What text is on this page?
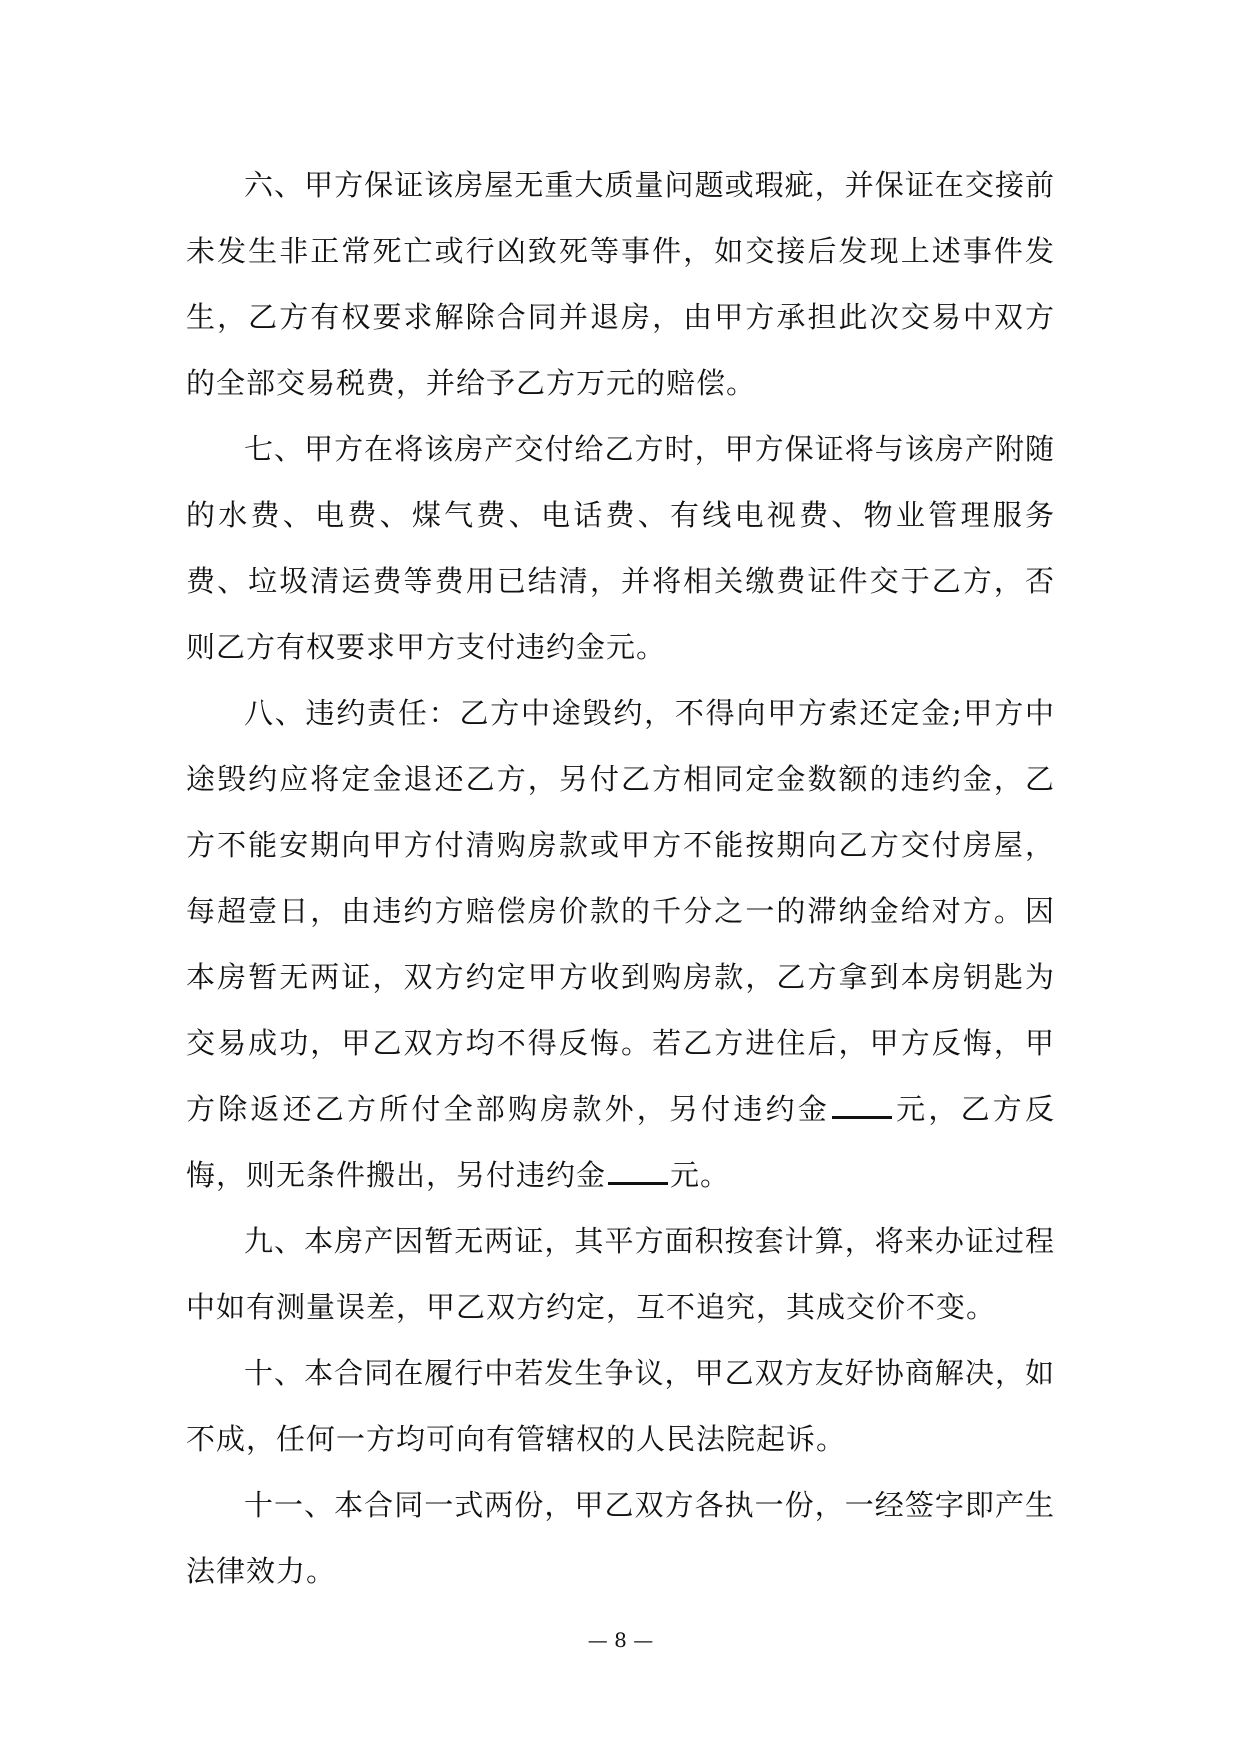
六、甲方保证该房屋无重大质量问题或瑕疵，并保证在交接前未发生非正常死亡或行凶致死等事件，如交接后发现上述事件发生，乙方有权要求解除合同并退房，由甲方承担此次交易中双方的全部交易税费，并给予乙方万元的赔偿。

七、甲方在将该房产交付给乙方时，甲方保证将与该房产附随的水费、电费、煤气费、电话费、有线电视费、物业管理服务费、垃圾清运费等费用已结清，并将相关缴费证件交于乙方，否则乙方有权要求甲方支付违约金元。

八、违约责任：乙方中途毁约，不得向甲方索还定金;甲方中途毁约应将定金退还乙方，另付乙方相同定金数额的违约金，乙方不能安期向甲方付清购房款或甲方不能按期向乙方交付房屋，每超壹日，由违约方赔偿房价款的千分之一的滞纳金给对方。因本房暂无两证，双方约定甲方收到购房款，乙方拿到本房钥匙为交易成功，甲乙双方均不得反悔。若乙方进住后，甲方反悔，甲方除返还乙方所付全部购房款外，另付违约金 元，乙方反悔，则无条件搬出，另付违约金 元。

九、本房产因暂无两证，其平方面积按套计算，将来办证过程中如有测量误差，甲乙双方约定，互不追究，其成交价不变。

十、本合同在履行中若发生争议，甲乙双方友好协商解决，如不成，任何一方均可向有管辖权的人民法院起诉。

十一、本合同一式两份，甲乙双方各执一份，一经签字即产生法律效力。

— 8 —
